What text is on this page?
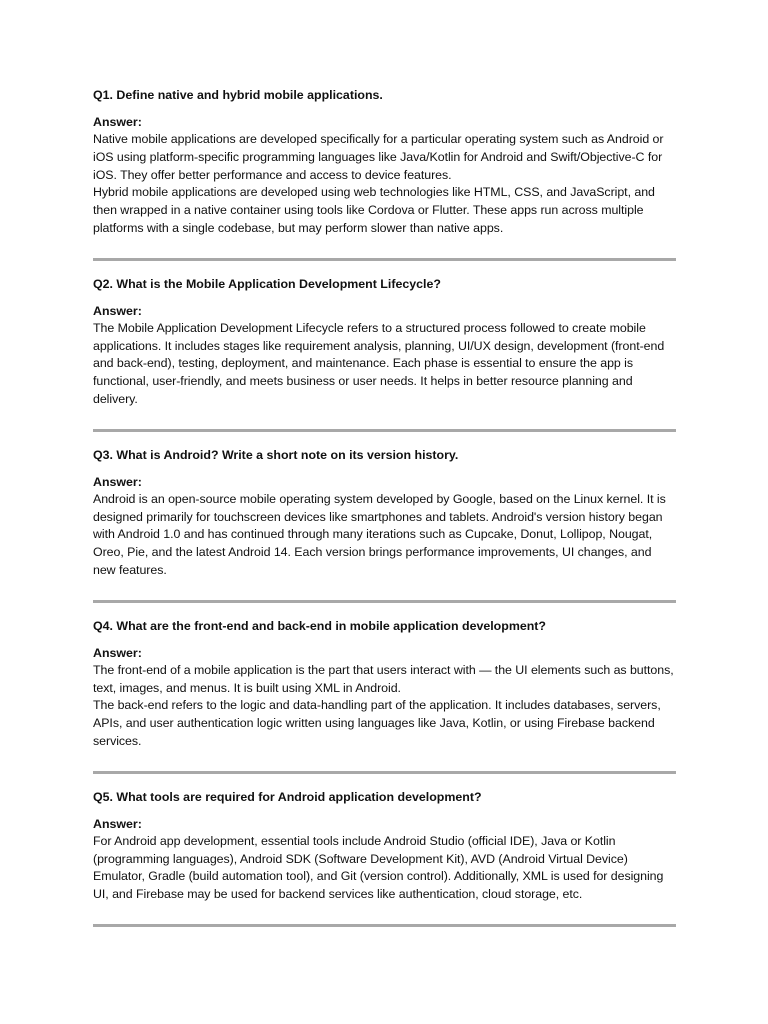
Q1. Define native and hybrid mobile applications.

Answer:

Native mobile applications are developed specifically for a particular operating system such as Android or iOS using platform-specific programming languages like Java/Kotlin for Android and Swift/Objective-C for iOS. They offer better performance and access to device features.

Hybrid mobile applications are developed using web technologies like HTML, CSS, and JavaScript, and then wrapped in a native container using tools like Cordova or Flutter. These apps run across multiple platforms with a single codebase, but may perform slower than native apps.

Q2. What is the Mobile Application Development Lifecycle?

Answer:

The Mobile Application Development Lifecycle refers to a structured process followed to create mobile applications. It includes stages like requirement analysis, planning, UI/UX design, development (front-end and back-end), testing, deployment, and maintenance. Each phase is essential to ensure the app is functional, user-friendly, and meets business or user needs. It helps in better resource planning and delivery.

Q3. What is Android? Write a short note on its version history.

Answer:

Android is an open-source mobile operating system developed by Google, based on the Linux kernel. It is designed primarily for touchscreen devices like smartphones and tablets. Android's version history began with Android 1.0 and has continued through many iterations such as Cupcake, Donut, Lollipop, Nougat, Oreo, Pie, and the latest Android 14. Each version brings performance improvements, UI changes, and new features.

Q4. What are the front-end and back-end in mobile application development?

Answer:

The front-end of a mobile application is the part that users interact with — the UI elements such as buttons, text, images, and menus. It is built using XML in Android.

The back-end refers to the logic and data-handling part of the application. It includes databases, servers, APIs, and user authentication logic written using languages like Java, Kotlin, or using Firebase backend services.

Q5. What tools are required for Android application development?

Answer:

For Android app development, essential tools include Android Studio (official IDE), Java or Kotlin (programming languages), Android SDK (Software Development Kit), AVD (Android Virtual Device) Emulator, Gradle (build automation tool), and Git (version control). Additionally, XML is used for designing UI, and Firebase may be used for backend services like authentication, cloud storage, etc.
